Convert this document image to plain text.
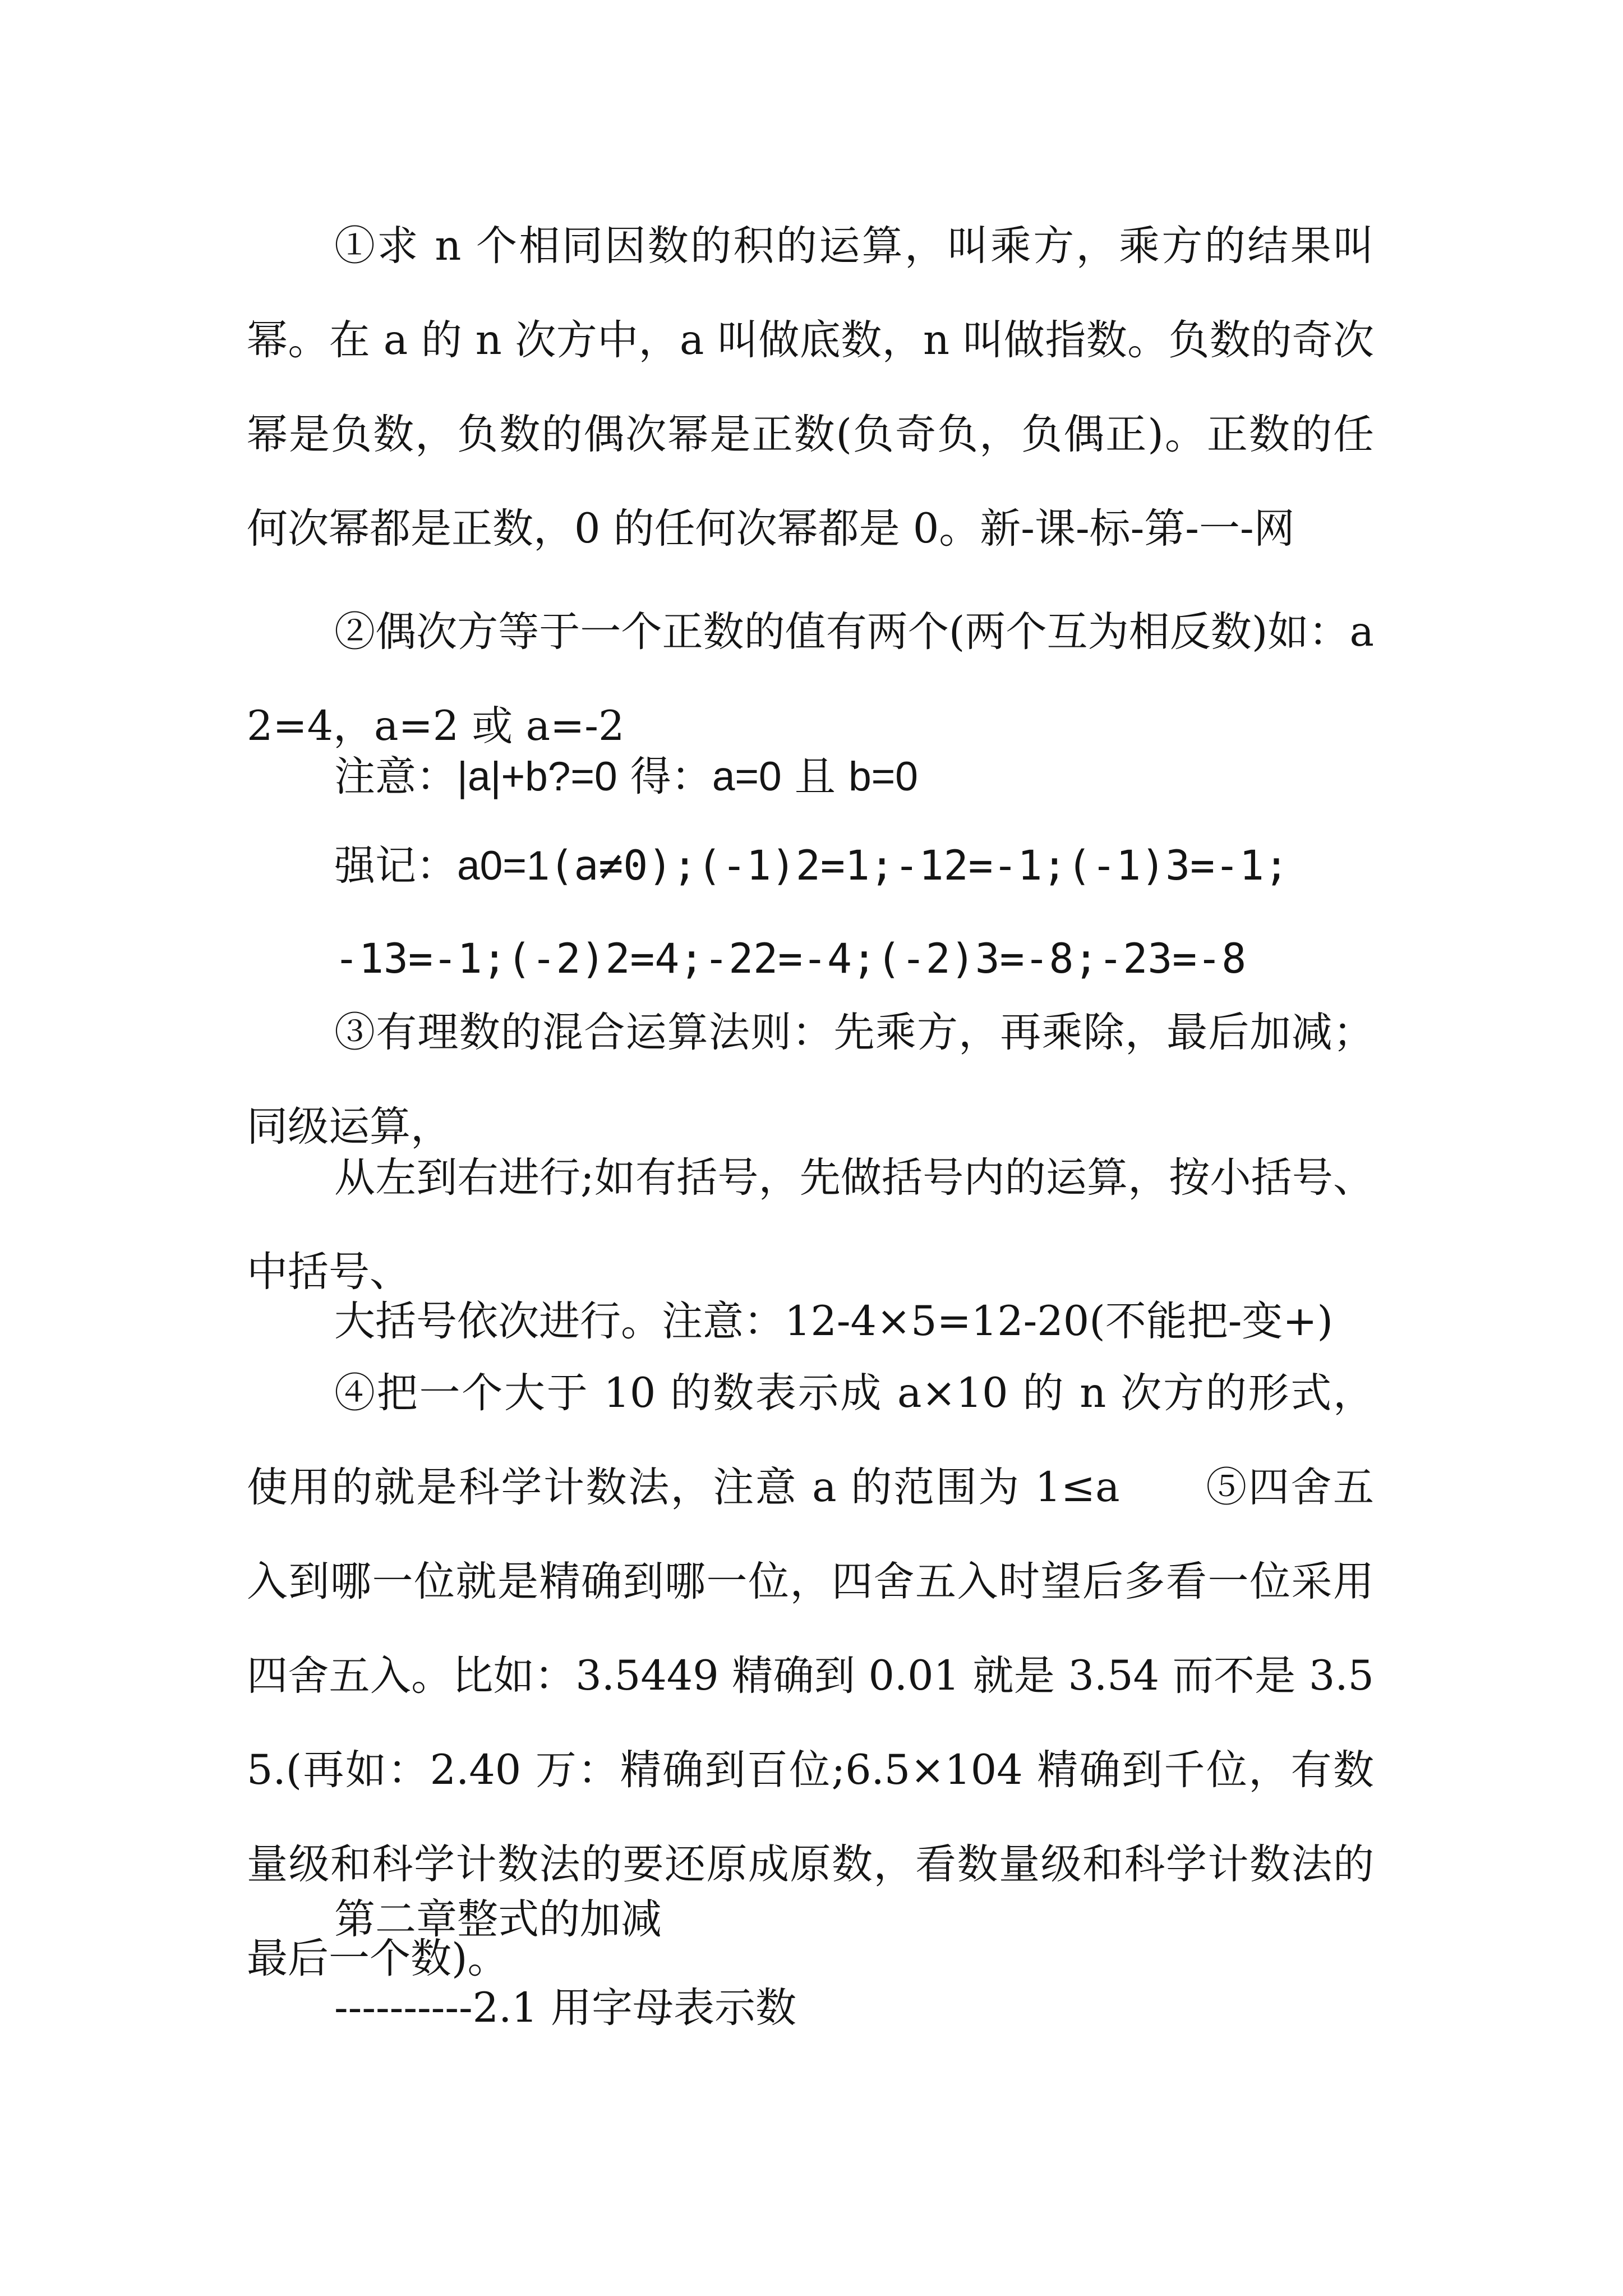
①求 n 个相同因数的积的运算，叫乘方，乘方的结果叫幂。在 a 的 n 次方中，a 叫做底数，n 叫做指数。负数的奇次幂是负数，负数的偶次幂是正数(负奇负，负偶正)。正数的任何次幂都是正数，0 的任何次幂都是 0。新-课-标-第-一-网

②偶次方等于一个正数的值有两个(两个互为相反数)如：a2=4，a=2 或 a=-2

注意：|a|+b?=0 得：a=0 且 b=0

强记：a0=1(a≠0);(-1)2=1;-12=-1;(-1)3=-1;

-13=-1;(-2)2=4;-22=-4;(-2)3=-8;-23=-8

③有理数的混合运算法则：先乘方，再乘除，最后加减；同级运算，

从左到右进行;如有括号，先做括号内的运算，按小括号、中括号、

大括号依次进行。注意：12-4×5=12-20(不能把-变+)

④把一个大于 10 的数表示成 a×10 的 n 次方的形式，使用的就是科学计数法，注意 a 的范围为 1≤a　　⑤四舍五入到哪一位就是精确到哪一位，四舍五入时望后多看一位采用四舍五入。比如：3.5449 精确到 0.01 就是 3.54 而不是 3.55.(再如：2.40 万：精确到百位;6.5×104 精确到千位，有数量级和科学计数法的要还原成原数，看数量级和科学计数法的最后一个数)。

第二章整式的加减

----------2.1 用字母表示数
